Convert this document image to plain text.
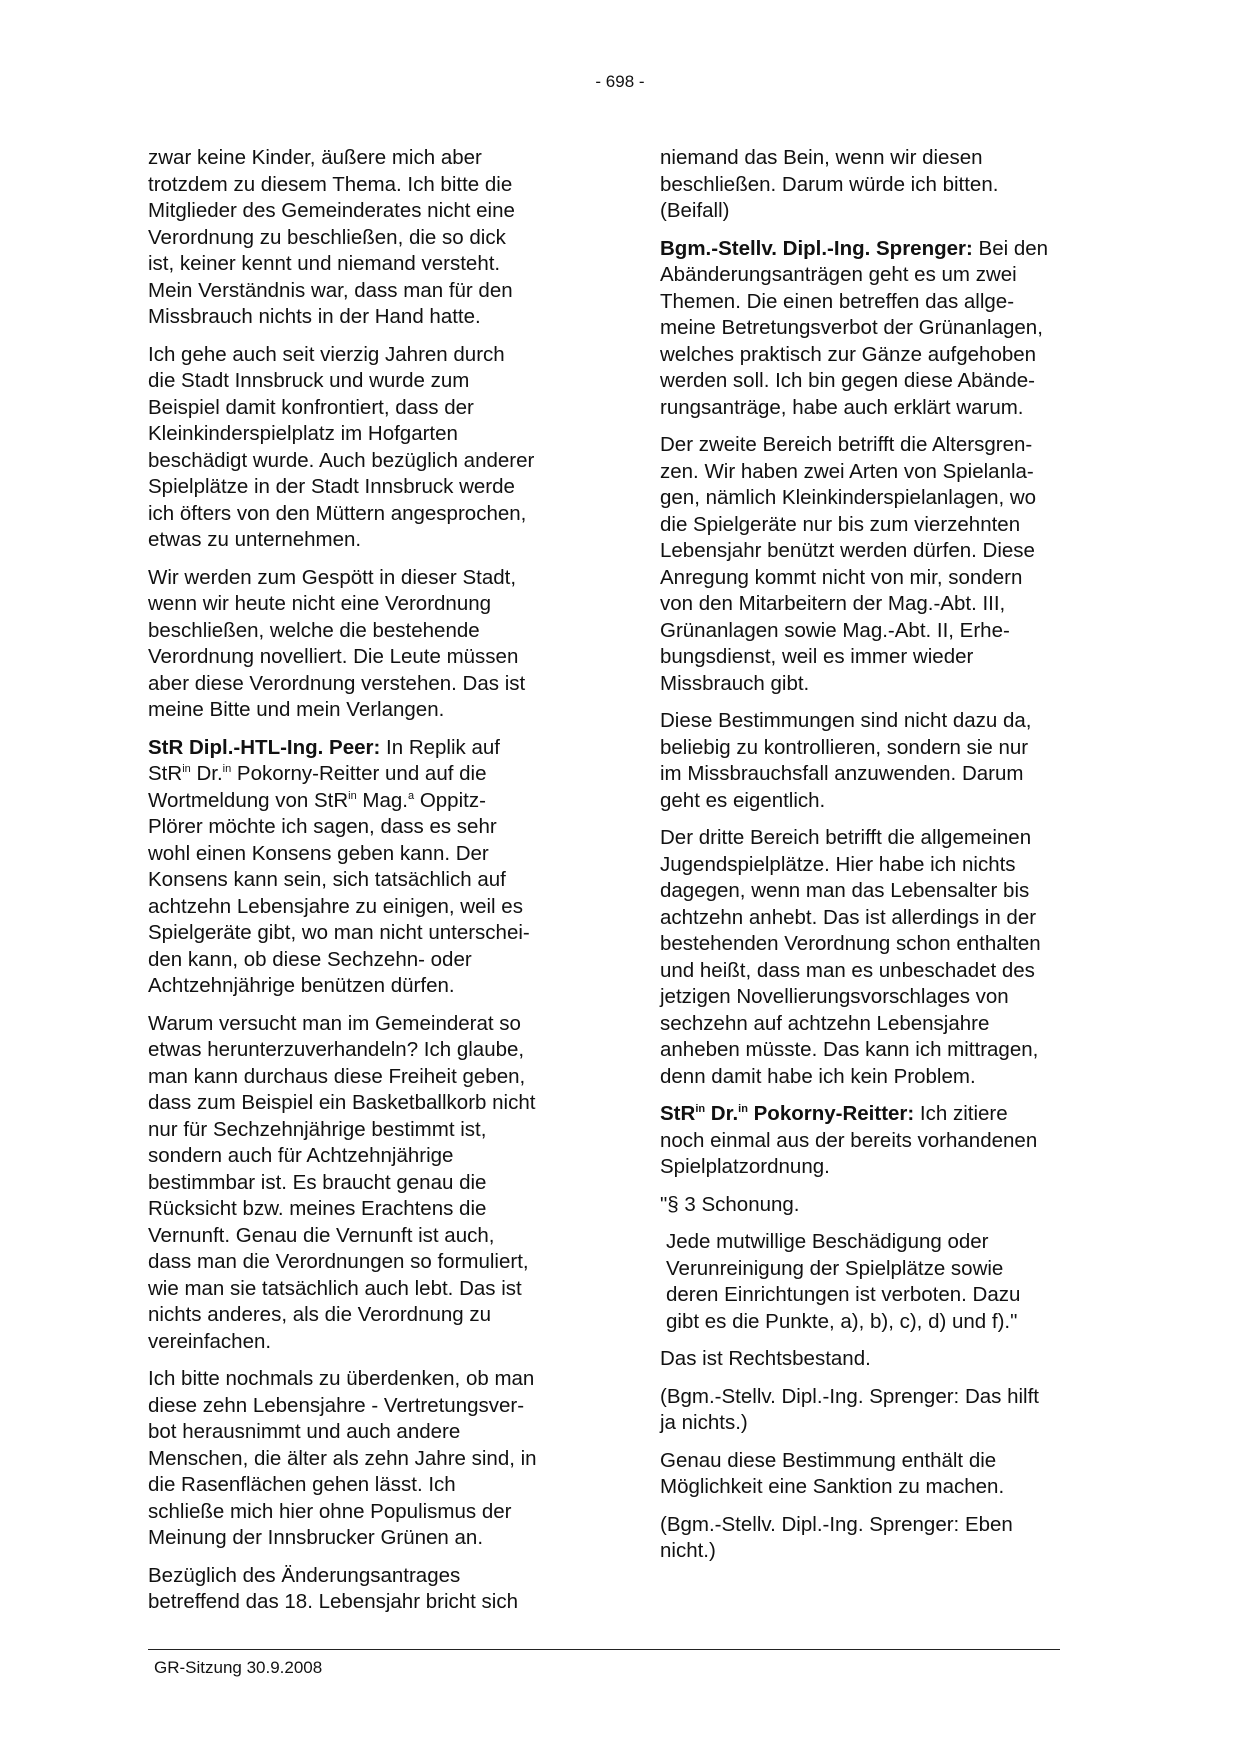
- 698 -

zwar keine Kinder, äußere mich aber
trotzdem zu diesem Thema. Ich bitte die
Mitglieder des Gemeinderates nicht eine
Verordnung zu beschließen, die so dick
ist, keiner kennt und niemand versteht.
Mein Verständnis war, dass man für den
Missbrauch nichts in der Hand hatte.

Ich gehe auch seit vierzig Jahren durch
die Stadt Innsbruck und wurde zum
Beispiel damit konfrontiert, dass der
Kleinkinderspielplatz im Hofgarten
beschädigt wurde. Auch bezüglich anderer
Spielplätze in der Stadt Innsbruck werde
ich öfters von den Müttern angesprochen,
etwas zu unternehmen.

Wir werden zum Gespött in dieser Stadt,
wenn wir heute nicht eine Verordnung
beschließen, welche die bestehende
Verordnung novelliert. Die Leute müssen
aber diese Verordnung verstehen. Das ist
meine Bitte und mein Verlangen.

StR Dipl.-HTL-Ing. Peer: In Replik auf
StR$^{in}$ Dr.$^{in}$ Pokorny-Reitter und auf die
Wortmeldung von StR$^{in}$ Mag.$^a$ Oppitz-
Plörer möchte ich sagen, dass es sehr
wohl einen Konsens geben kann. Der
Konsens kann sein, sich tatsächlich auf
achtzehn Lebensjahre zu einigen, weil es
Spielgeräte gibt, wo man nicht unterschei-
den kann, ob diese Sechzehn- oder
Achtzehnjährige benützen dürfen.

Warum versucht man im Gemeinderat so
etwas herunterzuverhandeln? Ich glaube,
man kann durchaus diese Freiheit geben,
dass zum Beispiel ein Basketballkorb nicht
nur für Sechzehnjährige bestimmt ist,
sondern auch für Achtzehnjährige
bestimmbar ist. Es braucht genau die
Rücksicht bzw. meines Erachtens die
Vernunft. Genau die Vernunft ist auch,
dass man die Verordnungen so formuliert,
wie man sie tatsächlich auch lebt. Das ist
nichts anderes, als die Verordnung zu
vereinfachen.

Ich bitte nochmals zu überdenken, ob man
diese zehn Lebensjahre - Vertretungsver-
bot herausnimmt und auch andere
Menschen, die älter als zehn Jahre sind, in
die Rasenflächen gehen lässt. Ich
schließe mich hier ohne Populismus der
Meinung der Innsbrucker Grünen an.

Bezüglich des Änderungsantrages
betreffend das 18. Lebensjahr bricht sich

niemand das Bein, wenn wir diesen
beschließen. Darum würde ich bitten.
(Beifall)

Bgm.-Stellv. Dipl.-Ing. Sprenger: Bei den
Abänderungsanträgen geht es um zwei
Themen. Die einen betreffen das allge-
meine Betretungsverbot der Grünanlagen,
welches praktisch zur Gänze aufgehoben
werden soll. Ich bin gegen diese Abände-
rungsanträge, habe auch erklärt warum.

Der zweite Bereich betrifft die Altersgren-
zen. Wir haben zwei Arten von Spielanla-
gen, nämlich Kleinkinderspielanlagen, wo
die Spielgeräte nur bis zum vierzehnten
Lebensjahr benützt werden dürfen. Diese
Anregung kommt nicht von mir, sondern
von den Mitarbeitern der Mag.-Abt. III,
Grünanlagen sowie Mag.-Abt. II, Erhe-
bungsdienst, weil es immer wieder
Missbrauch gibt.

Diese Bestimmungen sind nicht dazu da,
beliebig zu kontrollieren, sondern sie nur
im Missbrauchsfall anzuwenden. Darum
geht es eigentlich.

Der dritte Bereich betrifft die allgemeinen
Jugendspielplätze. Hier habe ich nichts
dagegen, wenn man das Lebensalter bis
achtzehn anhebt. Das ist allerdings in der
bestehenden Verordnung schon enthalten
und heißt, dass man es unbeschadet des
jetzigen Novellierungsvorschlages von
sechzehn auf achtzehn Lebensjahre
anheben müsste. Das kann ich mittragen,
denn damit habe ich kein Problem.

StR$^{in}$ Dr.$^{in}$ Pokorny-Reitter: Ich zitiere
noch einmal aus der bereits vorhandenen
Spielplatzordnung.

"§ 3 Schonung.

Jede mutwillige Beschädigung oder
Verunreinigung der Spielplätze sowie
deren Einrichtungen ist verboten. Dazu
gibt es die Punkte, a), b), c), d) und f)."

Das ist Rechtsbestand.

(Bgm.-Stellv. Dipl.-Ing. Sprenger: Das hilft
ja nichts.)

Genau diese Bestimmung enthält die
Möglichkeit eine Sanktion zu machen.

(Bgm.-Stellv. Dipl.-Ing. Sprenger: Eben
nicht.)

GR-Sitzung 30.9.2008
